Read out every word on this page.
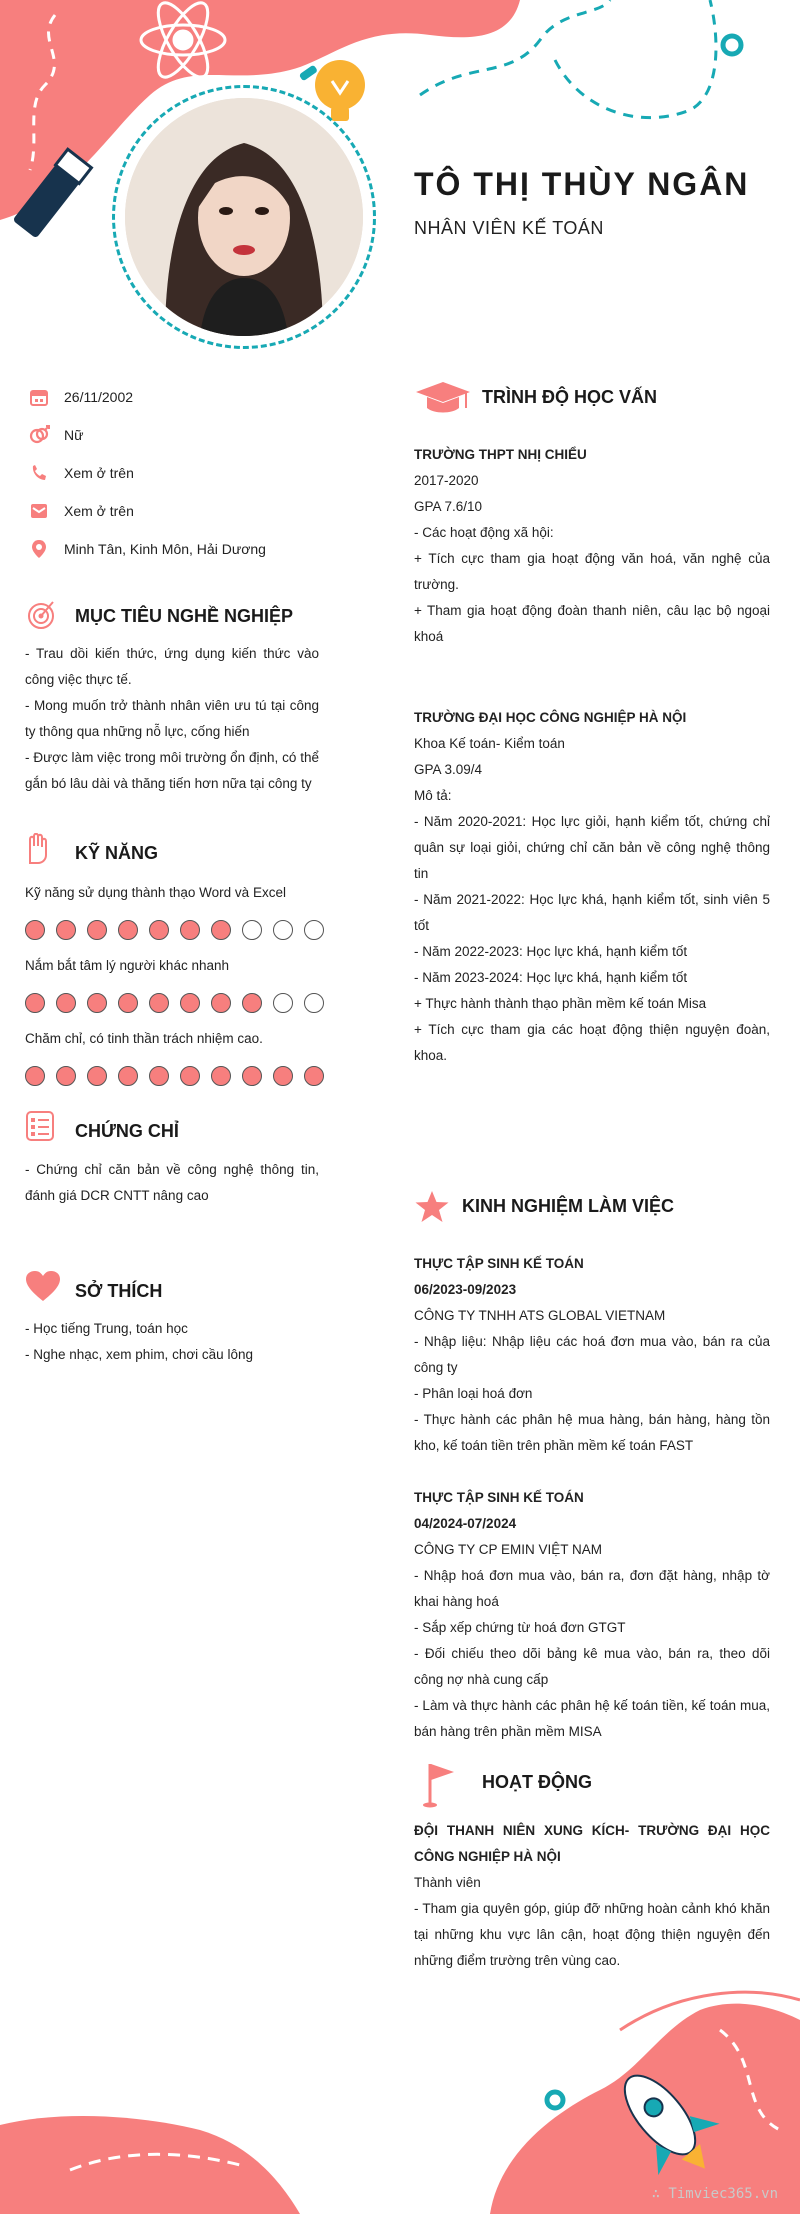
TÔ THỊ THÙY NGÂN
NHÂN VIÊN KẾ TOÁN
26/11/2002
Nữ
Xem ở trên
Xem ở trên
Minh Tân, Kinh Môn, Hải Dương
MỤC TIÊU NGHỀ NGHIỆP
- Trau dồi kiến thức, ứng dụng kiến thức vào công việc thực tế.
- Mong muốn trở thành nhân viên ưu tú tại công ty thông qua những nỗ lực, cống hiến
- Được làm việc trong môi trường ổn định, có thể gắn bó lâu dài và thăng tiến hơn nữa tại công ty
KỸ NĂNG
Kỹ năng sử dụng thành thạo Word và Excel
Nắm bắt tâm lý người khác nhanh
Chăm chỉ, có tinh thần trách nhiệm cao.
CHỨNG CHỈ
- Chứng chỉ căn bản về công nghệ thông tin, đánh giá DCR CNTT nâng cao
SỞ THÍCH
- Học tiếng Trung, toán học
- Nghe nhạc, xem phim, chơi cầu lông
TRÌNH ĐỘ HỌC VẤN
TRƯỜNG THPT NHỊ CHIỂU
2017-2020
GPA 7.6/10
- Các hoạt động xã hội:
+ Tích cực tham gia hoạt động văn hoá, văn nghệ của trường.
+ Tham gia hoạt động đoàn thanh niên, câu lạc bộ ngoại khoá
TRƯỜNG ĐẠI HỌC CÔNG NGHIỆP HÀ NỘI
Khoa Kế toán- Kiểm toán
GPA 3.09/4
Mô tả:
- Năm 2020-2021: Học lực giỏi, hạnh kiểm tốt, chứng chỉ quân sự loại giỏi, chứng chỉ căn bản về công nghệ thông tin
- Năm 2021-2022: Học lực khá, hạnh kiểm tốt, sinh viên 5 tốt
- Năm 2022-2023: Học lực khá, hạnh kiểm tốt
- Năm 2023-2024: Học lực khá, hạnh kiểm tốt
+ Thực hành thành thạo phần mềm kế toán Misa
+ Tích cực tham gia các hoạt động thiện nguyện đoàn, khoa.
KINH NGHIỆM LÀM VIỆC
THỰC TẬP SINH KẾ TOÁN
06/2023-09/2023
CÔNG TY TNHH ATS GLOBAL VIETNAM
- Nhập liệu: Nhập liệu các hoá đơn mua vào, bán ra của công ty
- Phân loại hoá đơn
- Thực hành các phân hệ mua hàng, bán hàng, hàng tồn kho, kế toán tiền trên phần mềm kế toán FAST
THỰC TẬP SINH KẾ TOÁN
04/2024-07/2024
CÔNG TY CP EMIN VIỆT NAM
- Nhập hoá đơn mua vào, bán ra, đơn đặt hàng, nhập tờ khai hàng hoá
- Sắp xếp chứng từ hoá đơn GTGT
- Đối chiếu theo dõi bảng kê mua vào, bán ra, theo dõi công nợ nhà cung cấp
- Làm và thực hành các phân hệ kế toán tiền, kế toán mua, bán hàng trên phần mềm MISA
HOẠT ĐỘNG
ĐỘI THANH NIÊN XUNG KÍCH- TRƯỜNG ĐẠI HỌC CÔNG NGHIỆP HÀ NỘI
Thành viên
- Tham gia quyên góp, giúp đỡ những hoàn cảnh khó khăn tại những khu vực lân cận, hoạt động thiện nguyện đến những điểm trường trên vùng cao.
∴ Timviec365.vn
